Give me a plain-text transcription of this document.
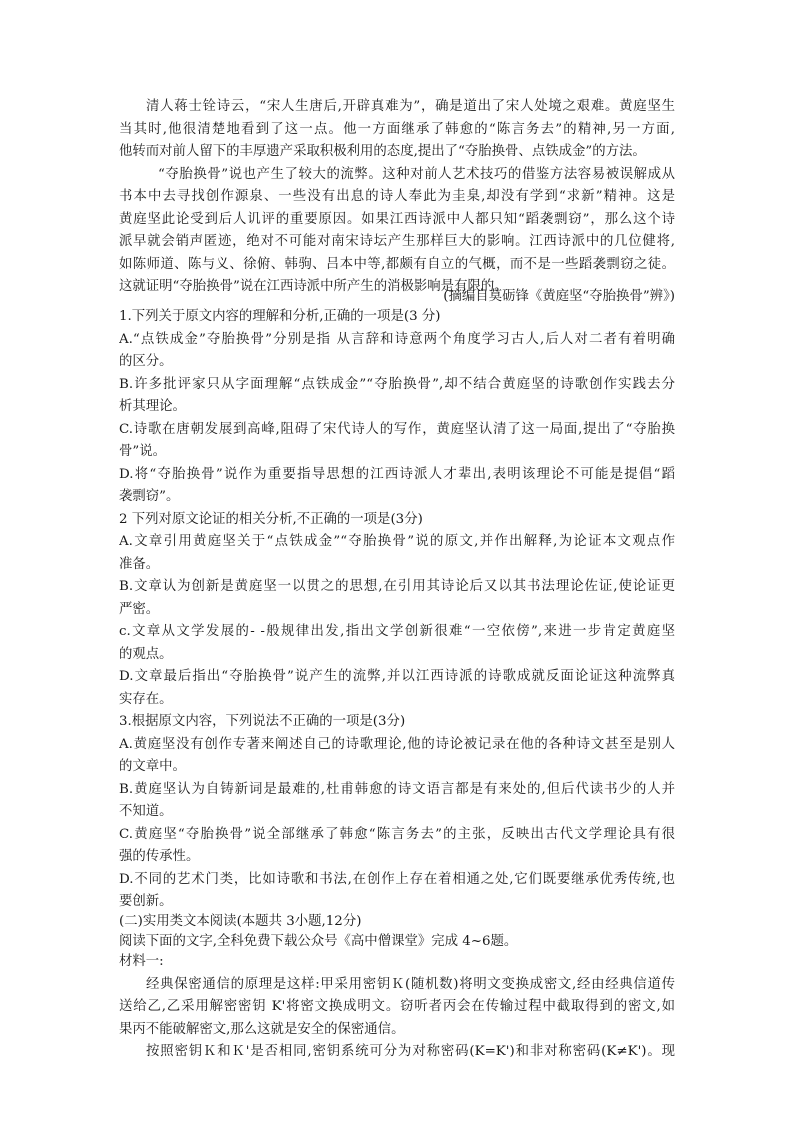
清人蒋士铨诗云，“宋人生唐后,开辟真难为”，确是道出了宋人处境之艰难。黄庭坚生
当其时,他很清楚地看到了这一点。他一方面继承了韩愈的“陈言务去”的精神,另一方面,
他转而对前人留下的丰厚遗产采取积极利用的态度,提出了“夺胎换骨、点铁成金”的方法。
“夺胎换骨”说也产生了较大的流弊。这种对前人艺术技巧的借鉴方法容易被误解成从
书本中去寻找创作源泉、一些没有出息的诗人奉此为圭臬,却没有学到“求新”精神。这是
黄庭坚此论受到后人讥评的重要原因。如果江西诗派中人都只知“蹈袭剽窃”，那么这个诗
派早就会销声匿迹，绝对不可能对南宋诗坛产生那样巨大的影响。江西诗派中的几位健将,
如陈师道、陈与义、徐俯、韩驹、吕本中等,都颇有自立的气概，而不是一些蹈袭剽窃之徒。
这就证明“夺胎换骨”说在江西诗派中所产生的消极影响是有限的。
(摘编自莫砺锋《黄庭坚“夺胎换骨”辨》)
1.下列关于原文内容的理解和分析,正确的一项是(3 分)
A.“点铁成金”夺胎换骨”分别是指 从言辞和诗意两个角度学习古人,后人对二者有着明确
的区分。
B.许多批评家只从字面理解“点铁成金”“夺胎换骨”,却不结合黄庭坚的诗歌创作实践去分
析其理论。
C.诗歌在唐朝发展到高峰,阻碍了宋代诗人的写作，黄庭坚认清了这一局面,提出了“夺胎换
骨”说。
D.将“夺胎换骨”说作为重要指导思想的江西诗派人才辈出,表明该理论不可能是提倡“蹈
袭剽窃”。
2 下列对原文论证的相关分析,不正确的一项是(3分)
A.文章引用黄庭坚关于“点铁成金”“夺胎换骨”说的原文,并作出解释,为论证本文观点作
准备。
B.文章认为创新是黄庭坚一以贯之的思想,在引用其诗论后又以其书法理论佐证,使论证更
严密。
c.文章从文学发展的- -般规律出发,指出文学创新很难“一空依傍”,来进一步肯定黄庭坚
的观点。
D.文章最后指出“夺胎换骨”说产生的流弊,并以江西诗派的诗歌成就反面论证这种流弊真
实存在。
3.根据原文内容，下列说法不正确的一项是(3分)
A.黄庭坚没有创作专著来阐述自己的诗歌理论,他的诗论被记录在他的各种诗文甚至是别人
的文章中。
B.黄庭坚认为自铸新词是最难的,杜甫韩愈的诗文语言都是有来处的,但后代读书少的人并
不知道。
C.黄庭坚“夺胎换骨”说全部继承了韩愈“陈言务去”的主张，反映出古代文学理论具有很
强的传承性。
D.不同的艺术门类，比如诗歌和书法,在创作上存在着相通之处,它们既要继承优秀传统,也
要创新。
(二)实用类文本阅读(本题共 3小题,12分)
阅读下面的文字,全科免费下载公众号《高中僧课堂》完成 4~6题。
材料一:
经典保密通信的原理是这样:甲采用密钥Ｋ(随机数)将明文变换成密文,经由经典信道传
送给乙,乙采用解密密钥 K'将密文换成明文。窃听者丙会在传输过程中截取得到的密文,如
果丙不能破解密文,那么这就是安全的保密通信。
按照密钥Ｋ和Ｋ'是否相同,密钥系统可分为对称密码(K=K')和非对称密码(K≠K')。现
